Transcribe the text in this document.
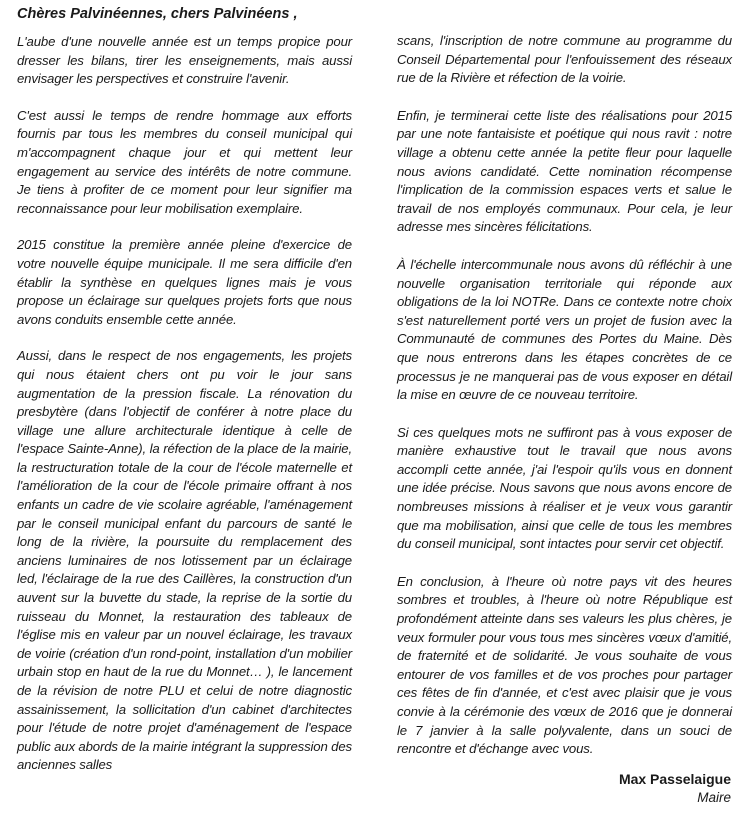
Chères Palvinéennes, chers Palvinéens ,

L'aube d'une nouvelle année est un temps propice pour dresser les bilans, tirer les enseignements, mais aussi envisager les perspectives et construire l'avenir.

C'est aussi le temps de rendre hommage aux efforts fournis par tous les membres du conseil municipal qui m'accompagnent chaque jour et qui mettent leur engagement au service des intérêts de notre commune. Je tiens à profiter de ce moment pour leur signifier ma reconnaissance pour leur mobilisation exemplaire.

2015 constitue la première année pleine d'exercice de votre nouvelle équipe municipale. Il me sera difficile d'en établir la synthèse en quelques lignes mais je vous propose un éclairage sur quelques projets forts que nous avons conduits ensemble cette année.

Aussi, dans le respect de nos engagements, les projets qui nous étaient chers ont pu voir le jour sans augmentation de la pression fiscale. La rénovation du presbytère (dans l'objectif de conférer à notre place du village une allure architecturale identique à celle de l'espace Sainte-Anne), la réfection de la place de la mairie, la restructuration totale de la cour de l'école maternelle et l'amélioration de la cour de l'école primaire offrant à nos enfants un cadre de vie scolaire agréable, l'aménagement par le conseil municipal enfant du parcours de santé le long de la rivière, la poursuite du remplacement des anciens luminaires de nos lotissement par un éclairage led, l'éclairage de la rue des Caillères, la construction d'un auvent sur la buvette du stade, la reprise de la sortie du ruisseau du Monnet, la restauration des tableaux de l'église mis en valeur par un nouvel éclairage, les travaux de voirie (création d'un rond-point, installation d'un mobilier urbain stop en haut de la rue du Monnet… ), le lancement de la révision de notre PLU et celui de notre diagnostic assainissement, la sollicitation d'un cabinet d'architectes pour l'étude de notre projet d'aménagement de l'espace public aux abords de la mairie intégrant la suppression des anciennes salles

scans, l'inscription de notre commune au programme du Conseil Départemental pour l'enfouissement des réseaux rue de la Rivière et réfection de la voirie.

Enfin, je terminerai cette liste des réalisations pour 2015 par une note fantaisiste et poétique qui nous ravit : notre village a obtenu cette année la petite fleur pour laquelle nous avions candidaté. Cette nomination récompense l'implication de la commission espaces verts et salue le travail de nos employés communaux. Pour cela, je leur adresse mes sincères félicitations.

À l'échelle intercommunale nous avons dû réfléchir à une nouvelle organisation territoriale qui réponde aux obligations de la loi NOTRe. Dans ce contexte notre choix s'est naturellement porté vers un projet de fusion avec la Communauté de communes des Portes du Maine. Dès que nous entrerons dans les étapes concrètes de ce processus je ne manquerai pas de vous exposer en détail la mise en œuvre de ce nouveau territoire.

Si ces quelques mots ne suffiront pas à vous exposer de manière exhaustive tout le travail que nous avons accompli cette année, j'ai l'espoir qu'ils vous en donnent une idée précise. Nous savons que nous avons encore de nombreuses missions à réaliser et je veux vous garantir que ma mobilisation, ainsi que celle de tous les membres du conseil municipal, sont intactes pour servir cet objectif.

En conclusion, à l'heure où notre pays vit des heures sombres et troubles, à l'heure où notre République est profondément atteinte dans ses valeurs les plus chères, je veux formuler pour vous tous mes sincères vœux d'amitié, de fraternité et de solidarité. Je vous souhaite de vous entourer de vos familles et de vos proches pour partager ces fêtes de fin d'année, et c'est avec plaisir que je vous convie à la cérémonie des vœux de 2016 que je donnerai le 7 janvier à la salle polyvalente, dans un souci de rencontre et d'échange avec vous.

Max Passelaigue

Maire
